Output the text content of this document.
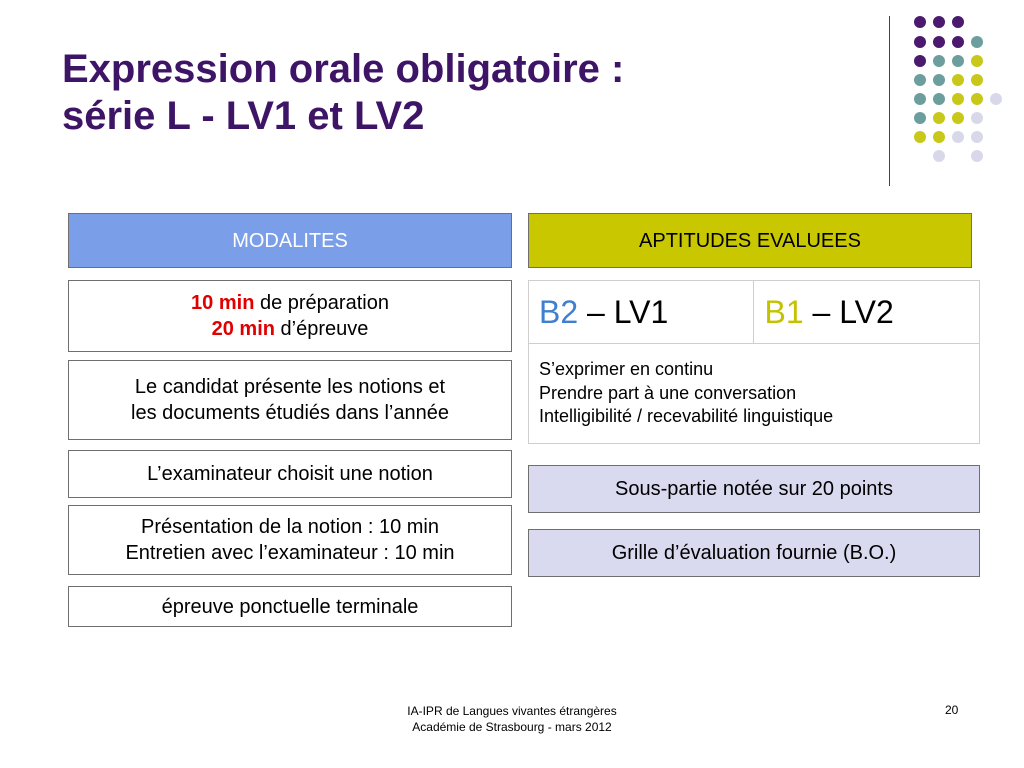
Expression orale obligatoire :
série L - LV1 et LV2
MODALITES
10 min de préparation
20 min d’épreuve
Le candidat présente les notions et
les documents étudiés dans l’année
L’examinateur choisit une notion
Présentation de la notion : 10 min
Entretien avec l’examinateur : 10 min
épreuve ponctuelle terminale
APTITUDES EVALUEES
B2 – LV1	B1 – LV2

S’exprimer en continu
Prendre part à une conversation
Intelligibilité / recevabilité linguistique
Sous-partie notée sur 20 points
Grille d’évaluation fournie (B.O.)
IA-IPR de Langues vivantes étrangères
Académie de Strasbourg - mars 2012
20
